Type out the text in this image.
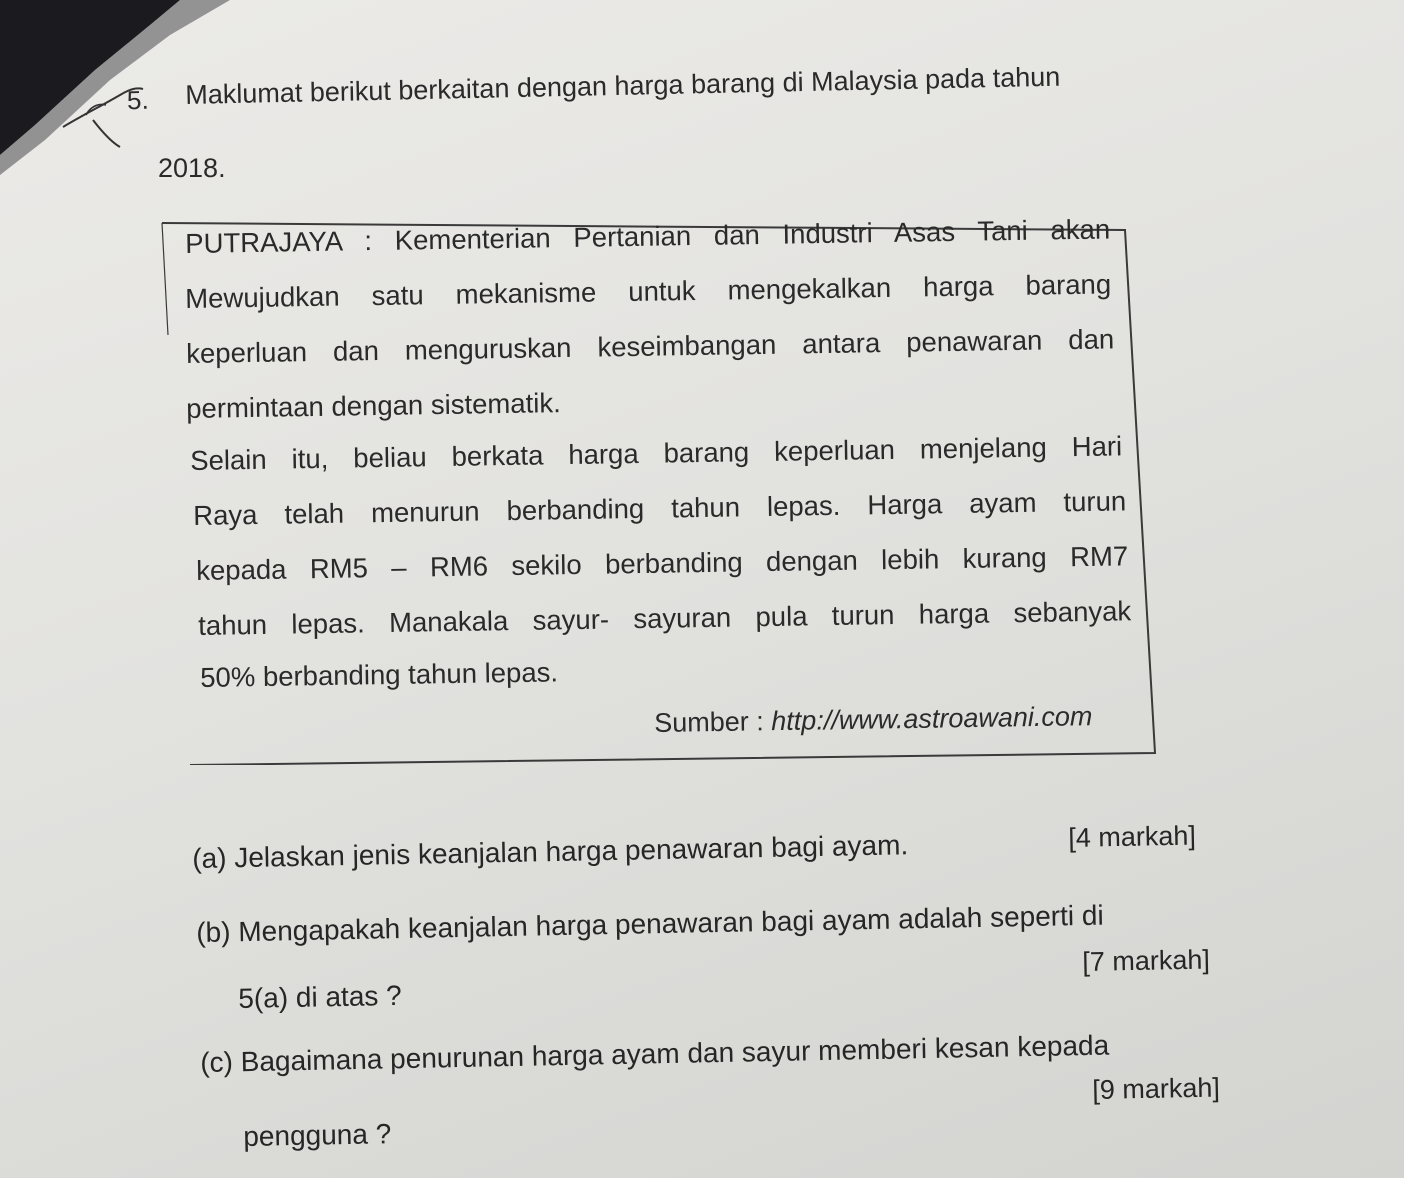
5. Maklumat berikut berkaitan dengan harga barang di Malaysia pada tahun
2018.
PUTRAJAYA : Kementerian Pertanian dan Industri Asas Tani akan
Mewujudkan satu mekanisme untuk mengekalkan harga barang
keperluan dan menguruskan keseimbangan antara penawaran dan
permintaan dengan sistematik.
Selain itu, beliau berkata harga barang keperluan menjelang Hari
Raya telah menurun berbanding tahun lepas. Harga ayam turun
kepada RM5 – RM6 sekilo berbanding dengan lebih kurang RM7
tahun lepas. Manakala sayur- sayuran pula turun harga sebanyak
50% berbanding tahun lepas.
Sumber : http://www.astroawani.com
(a) Jelaskan jenis keanjalan harga penawaran bagi ayam.	[4 markah]
(b) Mengapakah keanjalan harga penawaran bagi ayam adalah seperti di
5(a) di atas ?
[7 markah]
(c) Bagaimana penurunan harga ayam dan sayur memberi kesan kepada
pengguna ?
[9 markah]
